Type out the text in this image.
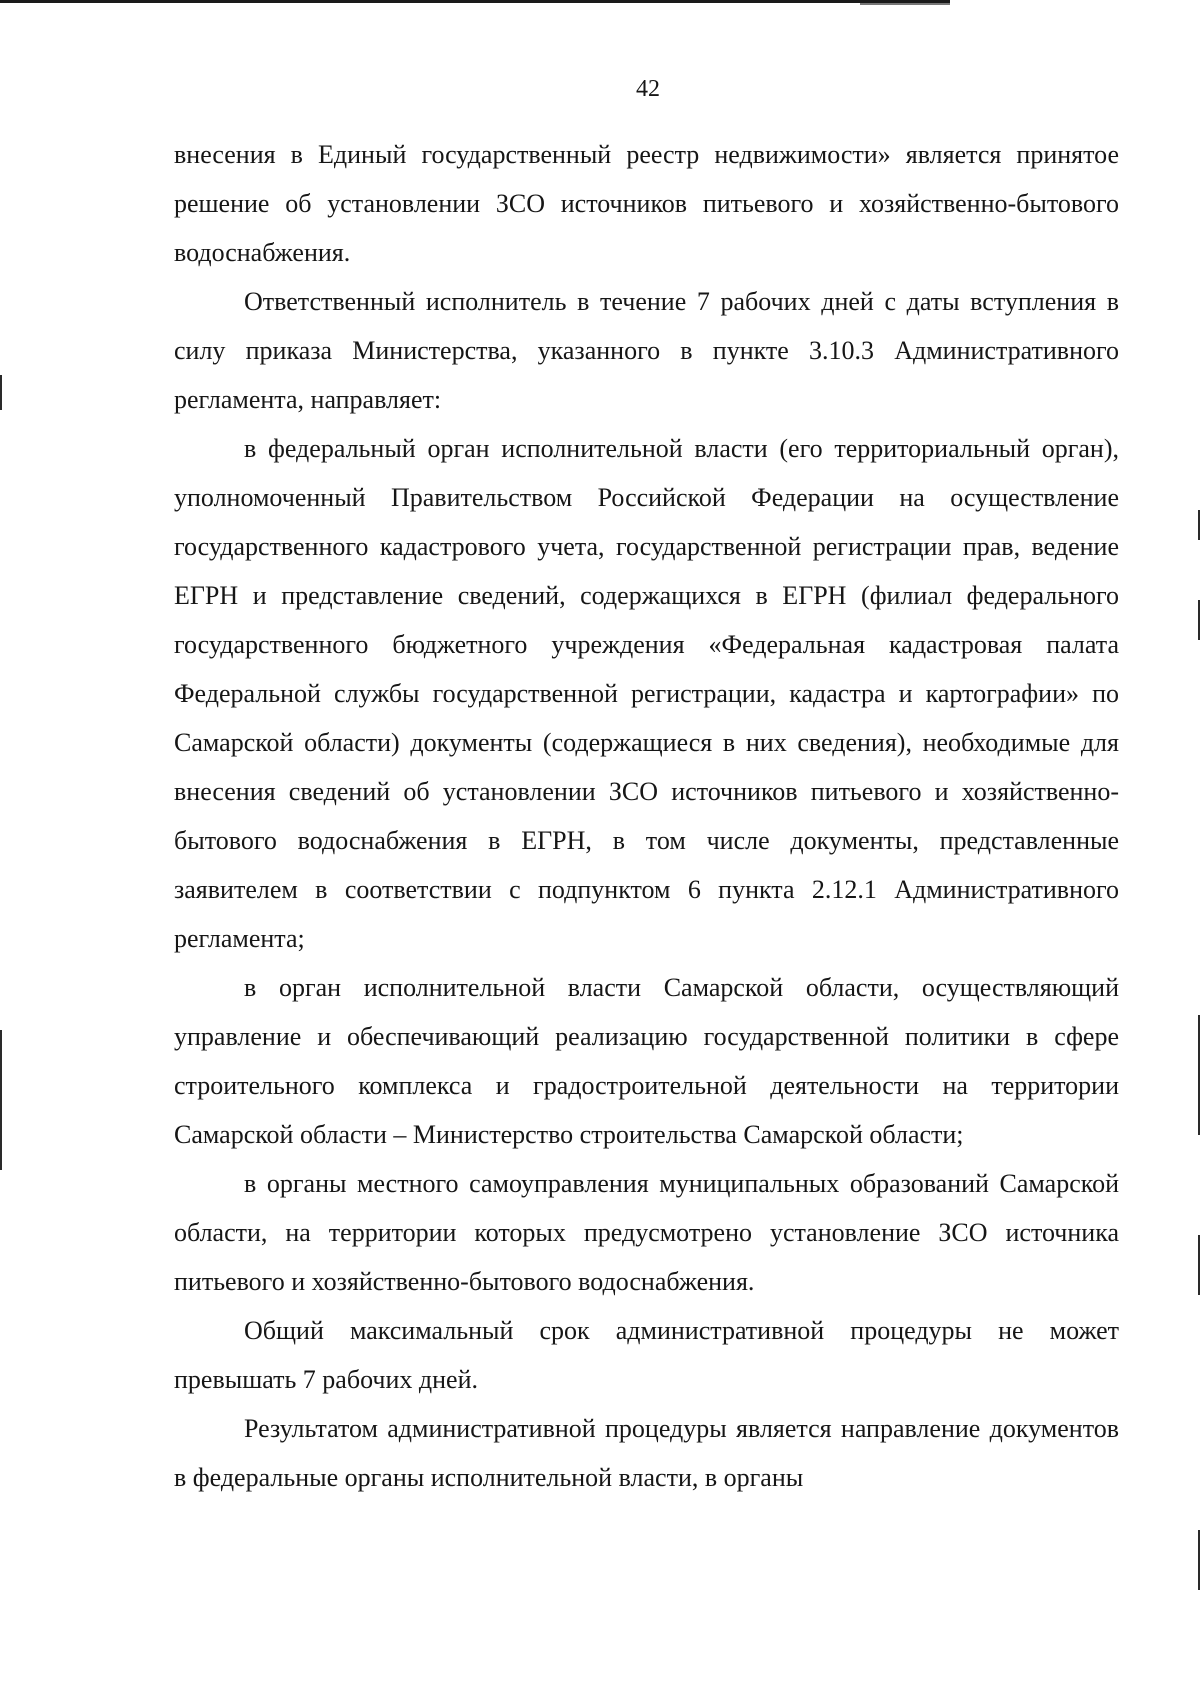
42

внесения в Единый государственный реестр недвижимости» является принятое решение об установлении ЗСО источников питьевого и хозяйственно-бытового водоснабжения.

Ответственный исполнитель в течение 7 рабочих дней с даты вступления в силу приказа Министерства, указанного в пункте 3.10.3 Административного регламента, направляет:

в федеральный орган исполнительной власти (его территориальный орган), уполномоченный Правительством Российской Федерации на осуществление государственного кадастрового учета, государственной регистрации прав, ведение ЕГРН и представление сведений, содержащихся в ЕГРН (филиал федерального государственного бюджетного учреждения «Федеральная кадастровая палата Федеральной службы государственной регистрации, кадастра и картографии» по Самарской области) документы (содержащиеся в них сведения), необходимые для внесения сведений об установлении ЗСО источников питьевого и хозяйственно-бытового водоснабжения в ЕГРН, в том числе документы, представленные заявителем в соответствии с подпунктом 6 пункта 2.12.1 Административного регламента;

в орган исполнительной власти Самарской области, осуществляющий управление и обеспечивающий реализацию государственной политики в сфере строительного комплекса и градостроительной деятельности на территории Самарской области – Министерство строительства Самарской области;

в органы местного самоуправления муниципальных образований Самарской области, на территории которых предусмотрено установление ЗСО источника питьевого и хозяйственно-бытового водоснабжения.

Общий максимальный срок административной процедуры не может превышать 7 рабочих дней.

Результатом административной процедуры является направление документов в федеральные органы исполнительной власти, в органы
